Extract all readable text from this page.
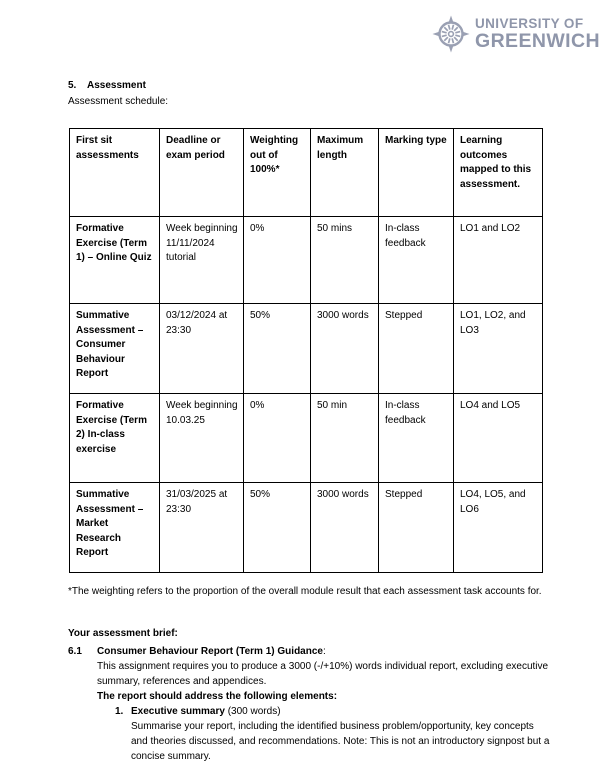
UNIVERSITY OF
GREENWICH
5. Assessment
Assessment schedule:
First sit assessments	Deadline or exam period	Weighting out of 100%*	Maximum length	Marking type	Learning outcomes mapped to this assessment.
Formative Exercise (Term 1) – Online Quiz	Week beginning 11/11/2024 tutorial	0%	50 mins	In-class feedback	LO1 and LO2
Summative Assessment – Consumer Behaviour Report	03/12/2024 at 23:30	50%	3000 words	Stepped	LO1, LO2, and LO3
Formative Exercise (Term 2) In-class exercise	Week beginning 10.03.25	0%	50 min	In-class feedback	LO4 and LO5
Summative Assessment – Market Research Report	31/03/2025 at 23:30	50%	3000 words	Stepped	LO4, LO5, and LO6
*The weighting refers to the proportion of the overall module result that each assessment task accounts for.
Your assessment brief:
6.1	Consumer Behaviour Report (Term 1) Guidance:
This assignment requires you to produce a 3000 (-/+10%) words individual report, excluding executive summary, references and appendices.
The report should address the following elements:
1. Executive summary (300 words)
Summarise your report, including the identified business problem/opportunity, key concepts and theories discussed, and recommendations. Note: This is not an introductory signpost but a concise summary.
